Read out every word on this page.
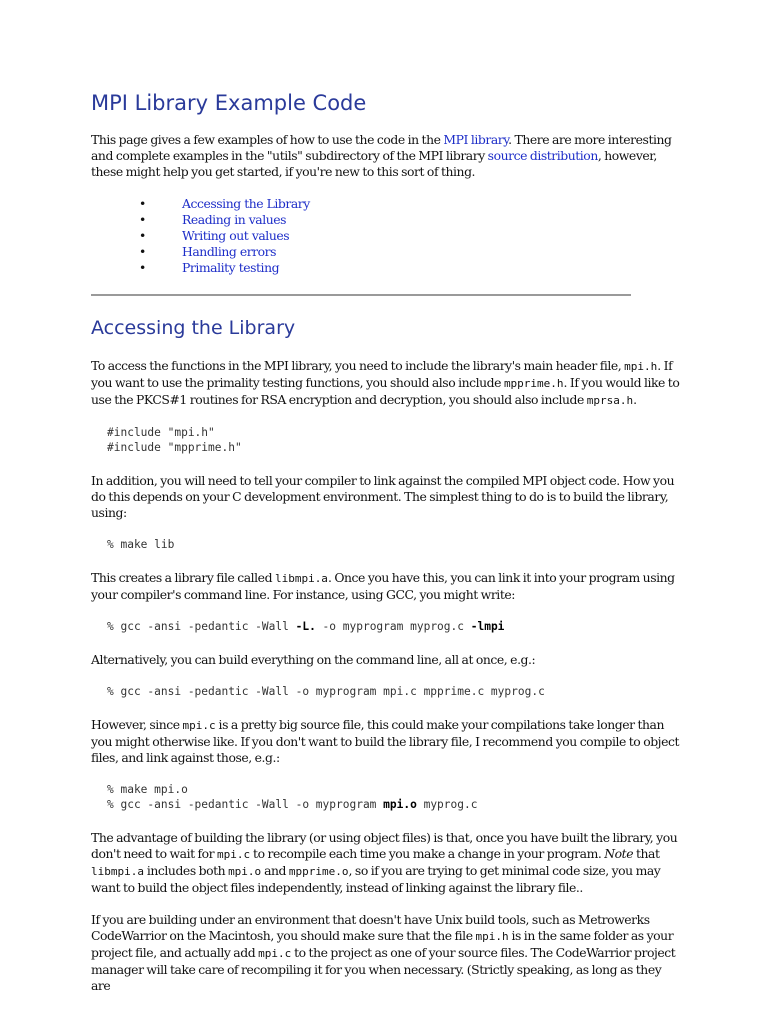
MPI Library Example Code

This page gives a few examples of how to use the code in the MPI library. There are more interesting and complete examples in the "utils" subdirectory of the MPI library source distribution, however, these might help you get started, if you're new to this sort of thing.

• Accessing the Library
• Reading in values
• Writing out values
• Handling errors
• Primality testing
Accessing the Library

To access the functions in the MPI library, you need to include the library's main header file, mpi.h. If you want to use the primality testing functions, you should also include mpprime.h. If you would like to use the PKCS#1 routines for RSA encryption and decryption, you should also include mprsa.h.

#include "mpi.h"
#include "mpprime.h"

In addition, you will need to tell your compiler to link against the compiled MPI object code. How you do this depends on your C development environment. The simplest thing to do is to build the library, using:

% make lib

This creates a library file called libmpi.a. Once you have this, you can link it into your program using your compiler's command line. For instance, using GCC, you might write:

% gcc -ansi -pedantic -Wall -L. -o myprogram myprog.c -lmpi

Alternatively, you can build everything on the command line, all at once, e.g.:

% gcc -ansi -pedantic -Wall -o myprogram mpi.c mpprime.c myprog.c

However, since mpi.c is a pretty big source file, this could make your compilations take longer than you might otherwise like. If you don't want to build the library file, I recommend you compile to object files, and link against those, e.g.:

% make mpi.o
% gcc -ansi -pedantic -Wall -o myprogram mpi.o myprog.c

The advantage of building the library (or using object files) is that, once you have built the library, you don't need to wait for mpi.c to recompile each time you make a change in your program. Note that libmpi.a includes both mpi.o and mpprime.o, so if you are trying to get minimal code size, you may want to build the object files independently, instead of linking against the library file..

If you are building under an environment that doesn't have Unix build tools, such as Metrowerks CodeWarrior on the Macintosh, you should make sure that the file mpi.h is in the same folder as your project file, and actually add mpi.c to the project as one of your source files. The CodeWarrior project manager will take care of recompiling it for you when necessary. (Strictly speaking, as long as they are
